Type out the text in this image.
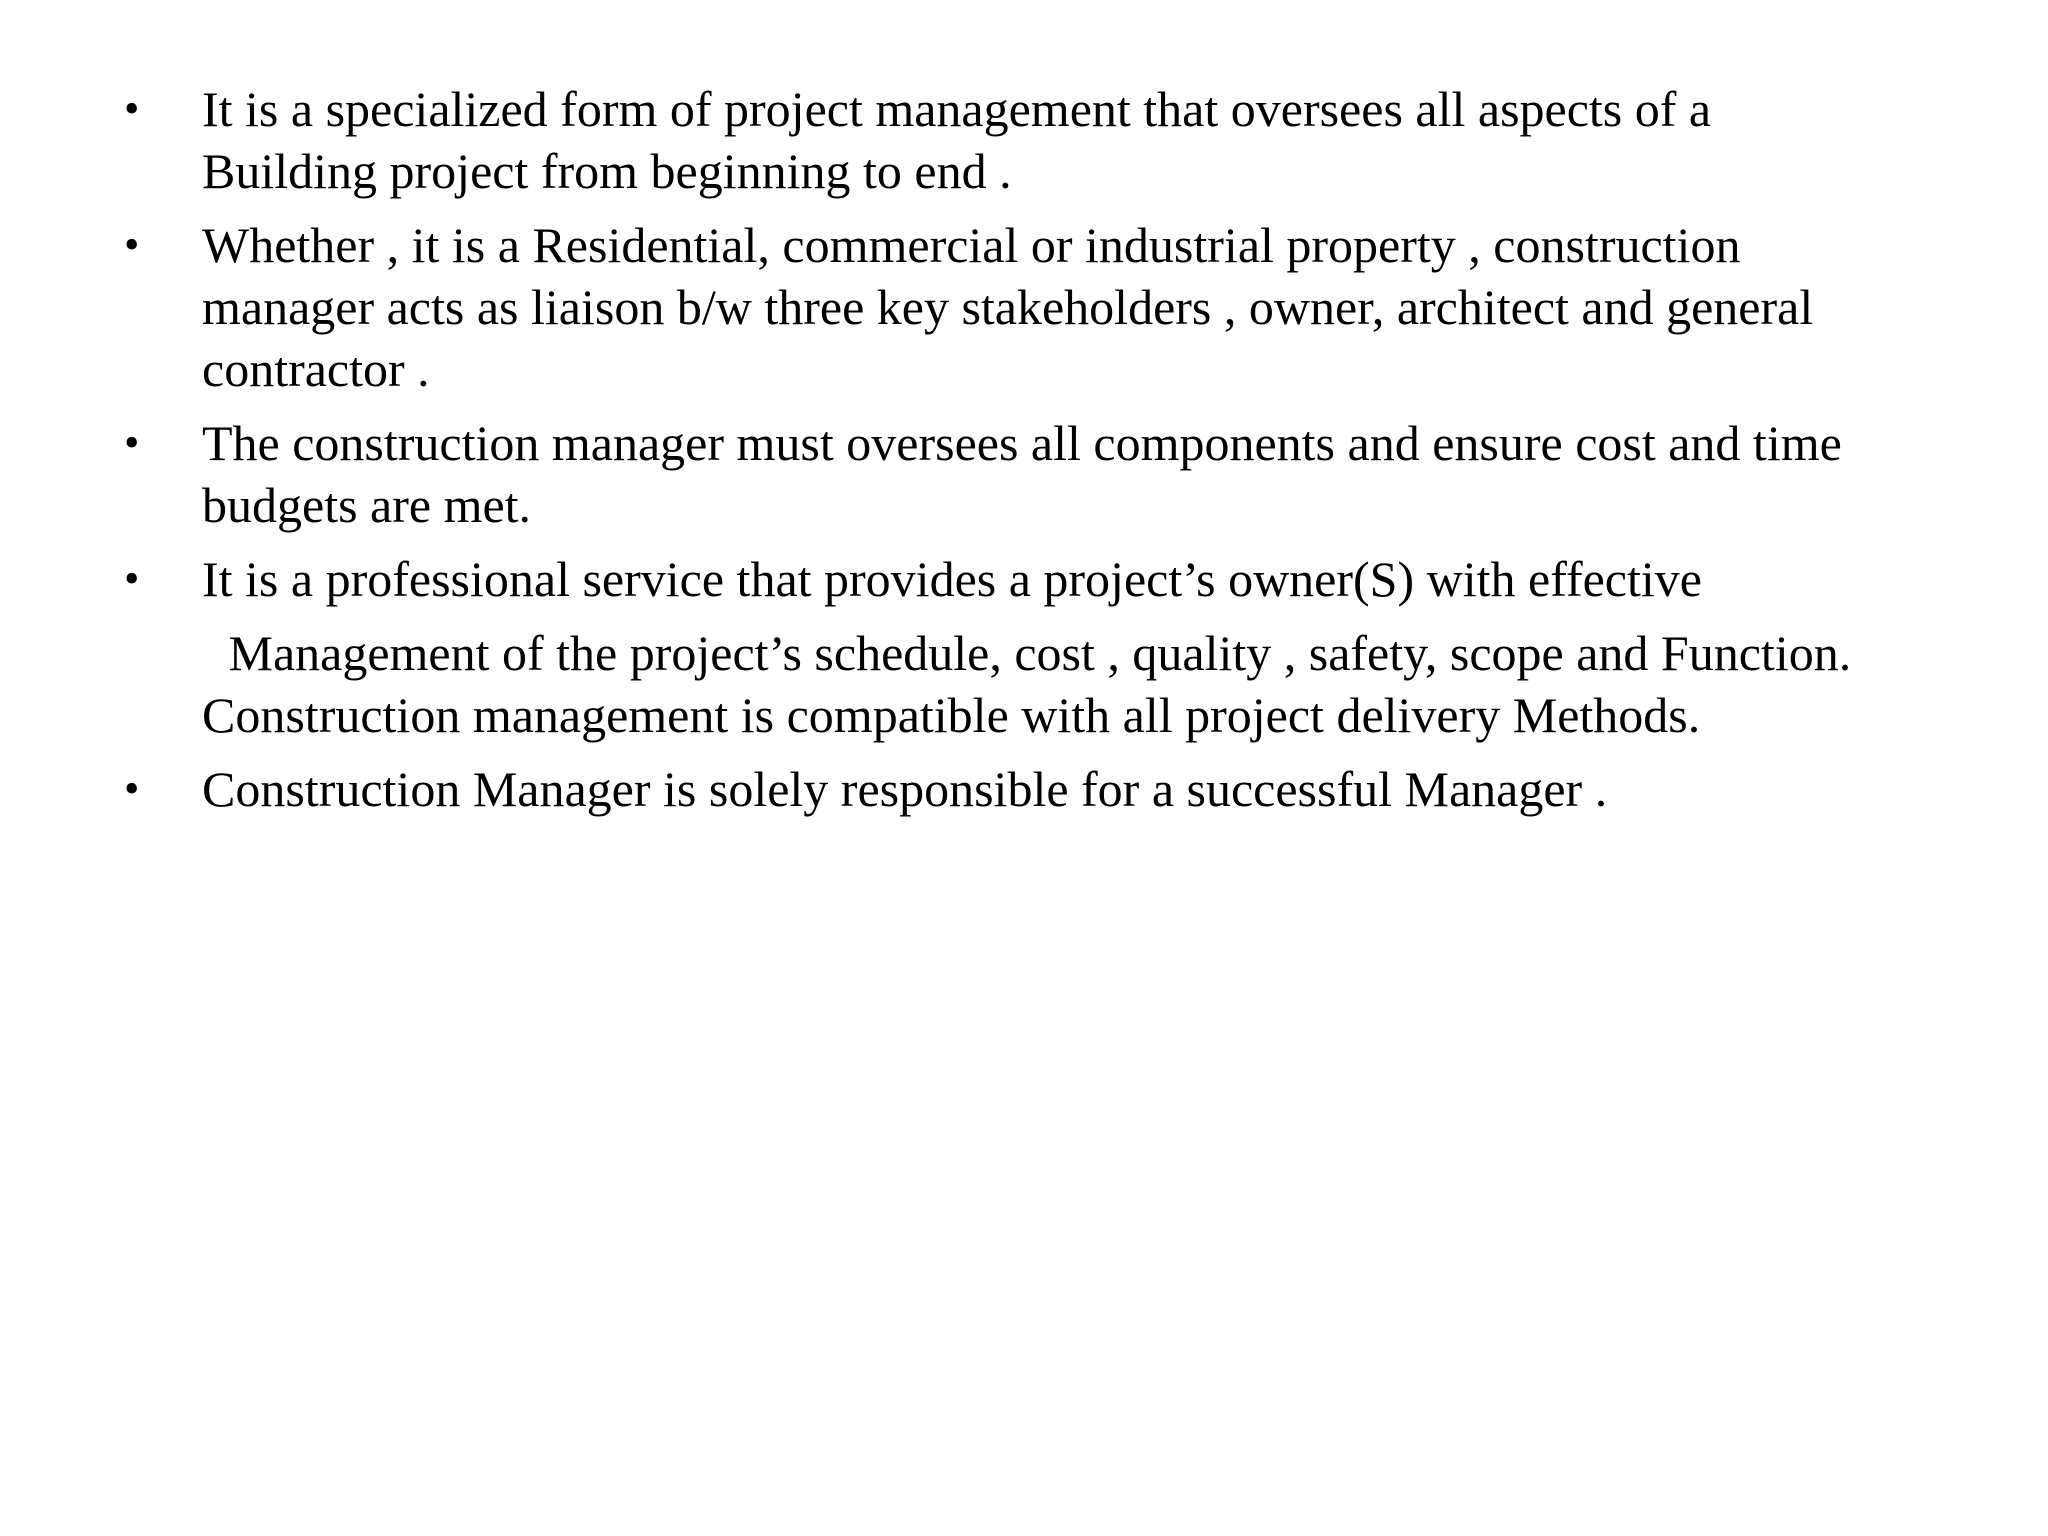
• It is a specialized form of project management that oversees all aspects of a
Building project from beginning to end .
• Whether , it is a Residential, commercial or industrial property , construction
manager acts as liaison b/w three key stakeholders , owner, architect and general
contractor .
• The construction manager must oversees all components and ensure cost and time
budgets are met.
• It is a professional service that provides a project’s owner(S) with effective
Management of the project’s schedule, cost , quality , safety, scope and Function.
Construction management is compatible with all project delivery Methods.
• Construction Manager is solely responsible for a successful Manager .
